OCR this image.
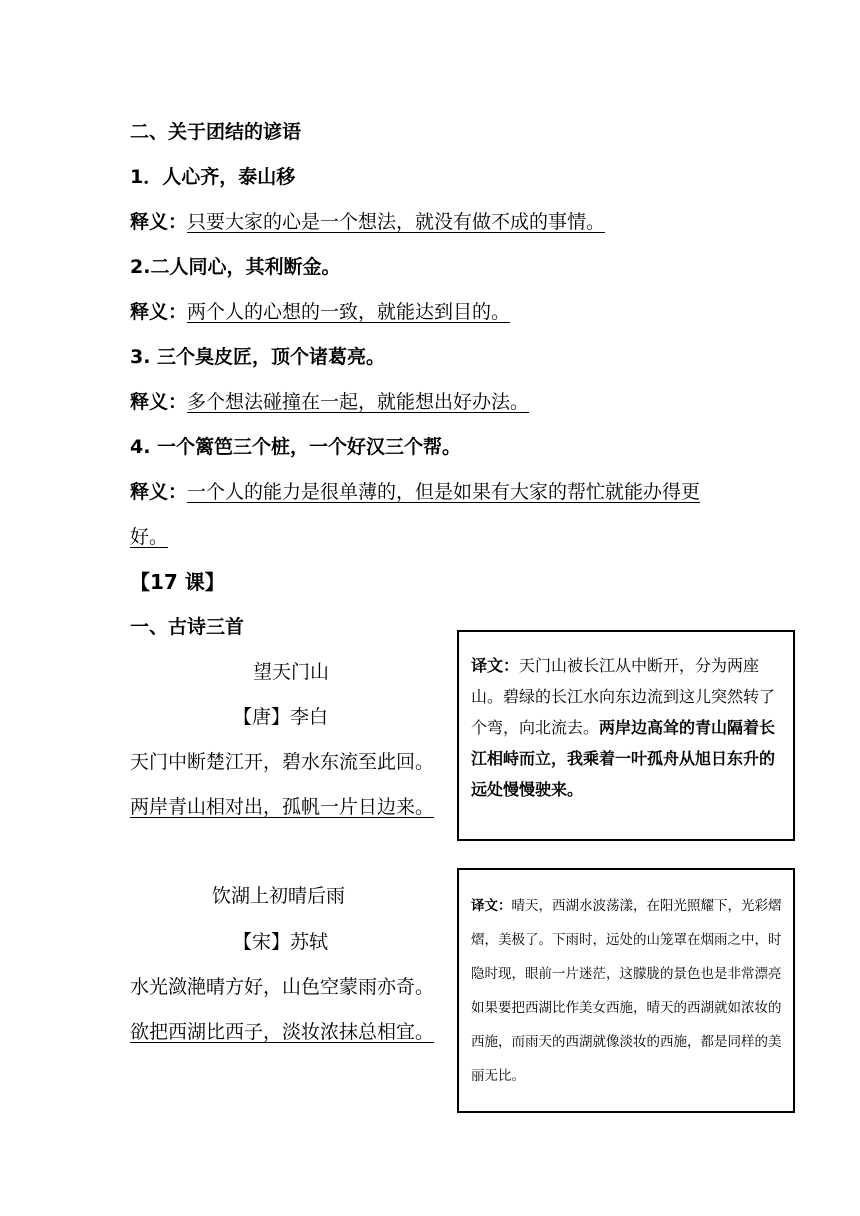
二、关于团结的谚语
1．人心齐，泰山移
释义：只要大家的心是一个想法，就没有做不成的事情。
2.二人同心，其利断金。
释义：两个人的心想的一致，就能达到目的。
3. 三个臭皮匠，顶个诸葛亮。
释义：多个想法碰撞在一起，就能想出好办法。
4. 一个篱笆三个桩，一个好汉三个帮。
释义：一个人的能力是很单薄的，但是如果有大家的帮忙就能办得更
好。
【17 课】
一、古诗三首
望天门山
【唐】李白
天门中断楚江开，碧水东流至此回。
两岸青山相对出，孤帆一片日边来。
译文：天门山被长江从中断开，分为两座山。碧绿的长江水向东边流到这儿突然转了个弯，向北流去。两岸边高耸的青山隔着长江相峙而立，我乘着一叶孤舟从旭日东升的远处慢慢驶来。
饮湖上初晴后雨
【宋】苏轼
水光潋滟晴方好，山色空蒙雨亦奇。
欲把西湖比西子，淡妆浓抹总相宜。
译文：晴天，西湖水波荡漾，在阳光照耀下，光彩熠熠，美极了。下雨时，远处的山笼罩在烟雨之中，时隐时现，眼前一片迷茫，这朦胧的景色也是非常漂亮如果要把西湖比作美女西施，晴天的西湖就如浓妆的西施，而雨天的西湖就像淡妆的西施，都是同样的美丽无比。
